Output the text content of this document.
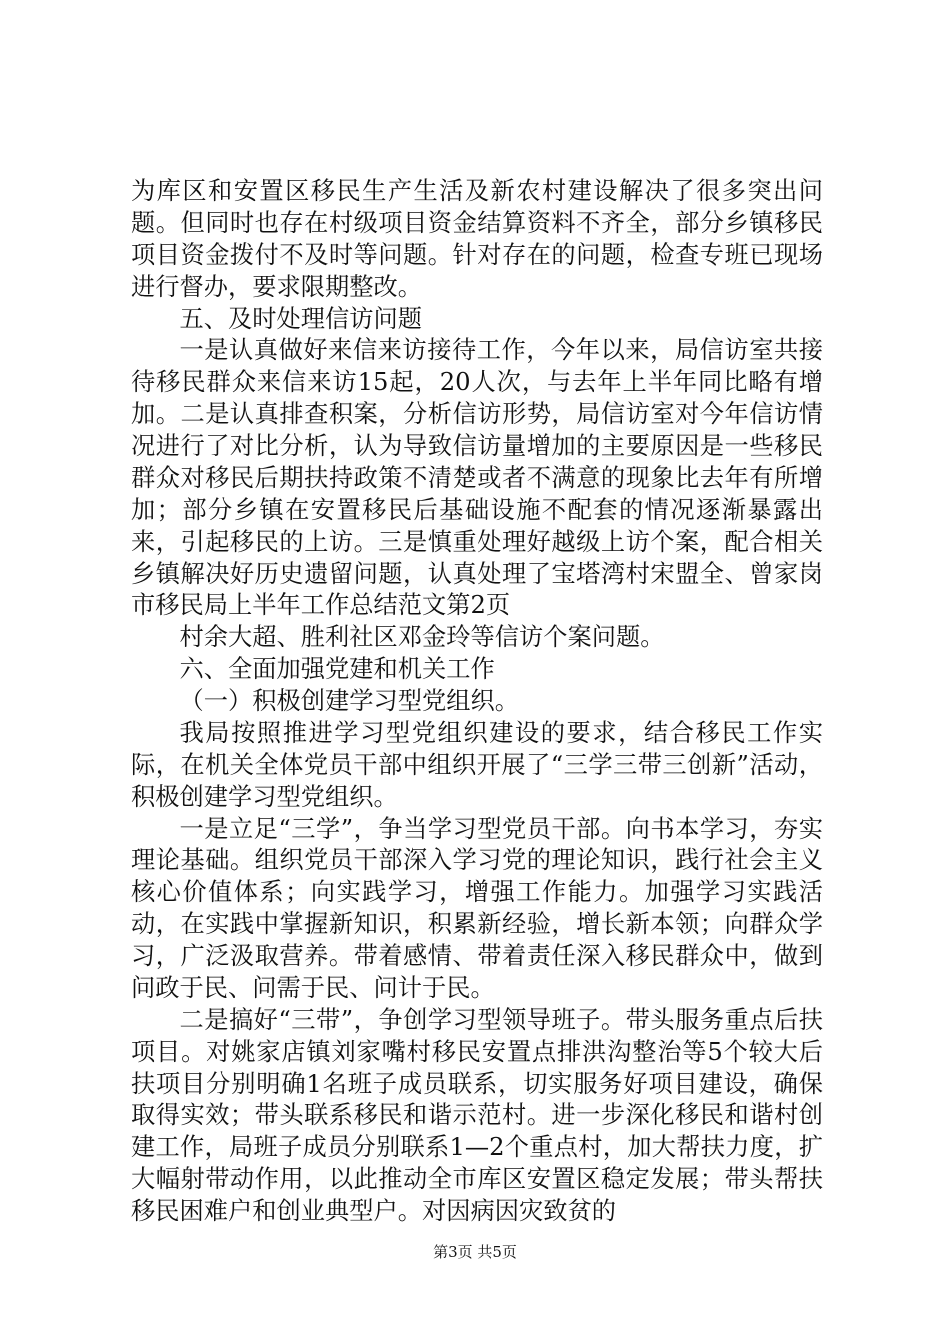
为库区和安置区移民生产生活及新农村建设解决了很多突出问题。但同时也存在村级项目资金结算资料不齐全，部分乡镇移民项目资金拨付不及时等问题。针对存在的问题，检查专班已现场进行督办，要求限期整改。

五、及时处理信访问题

一是认真做好来信来访接待工作，今年以来，局信访室共接待移民群众来信来访15起，20人次，与去年上半年同比略有增加。二是认真排查积案，分析信访形势，局信访室对今年信访情况进行了对比分析，认为导致信访量增加的主要原因是一些移民群众对移民后期扶持政策不清楚或者不满意的现象比去年有所增加；部分乡镇在安置移民后基础设施不配套的情况逐渐暴露出来，引起移民的上访。三是慎重处理好越级上访个案，配合相关乡镇解决好历史遗留问题，认真处理了宝塔湾村宋盟全、曾家岗市移民局上半年工作总结范文第2页

村余大超、胜利社区邓金玲等信访个案问题。

六、全面加强党建和机关工作

（一）积极创建学习型党组织。

我局按照推进学习型党组织建设的要求，结合移民工作实际，在机关全体党员干部中组织开展了“三学三带三创新”活动，积极创建学习型党组织。

一是立足“三学”，争当学习型党员干部。向书本学习，夯实理论基础。组织党员干部深入学习党的理论知识，践行社会主义核心价值体系；向实践学习，增强工作能力。加强学习实践活动，在实践中掌握新知识，积累新经验，增长新本领；向群众学习，广泛汲取营养。带着感情、带着责任深入移民群众中，做到问政于民、问需于民、问计于民。

二是搞好“三带”，争创学习型领导班子。带头服务重点后扶项目。对姚家店镇刘家嘴村移民安置点排洪沟整治等5个较大后扶项目分别明确1名班子成员联系，切实服务好项目建设，确保取得实效；带头联系移民和谐示范村。进一步深化移民和谐村创建工作，局班子成员分别联系1—2个重点村，加大帮扶力度，扩大幅射带动作用，以此推动全市库区安置区稳定发展；带头帮扶移民困难户和创业典型户。对因病因灾致贫的

第3页 共5页
